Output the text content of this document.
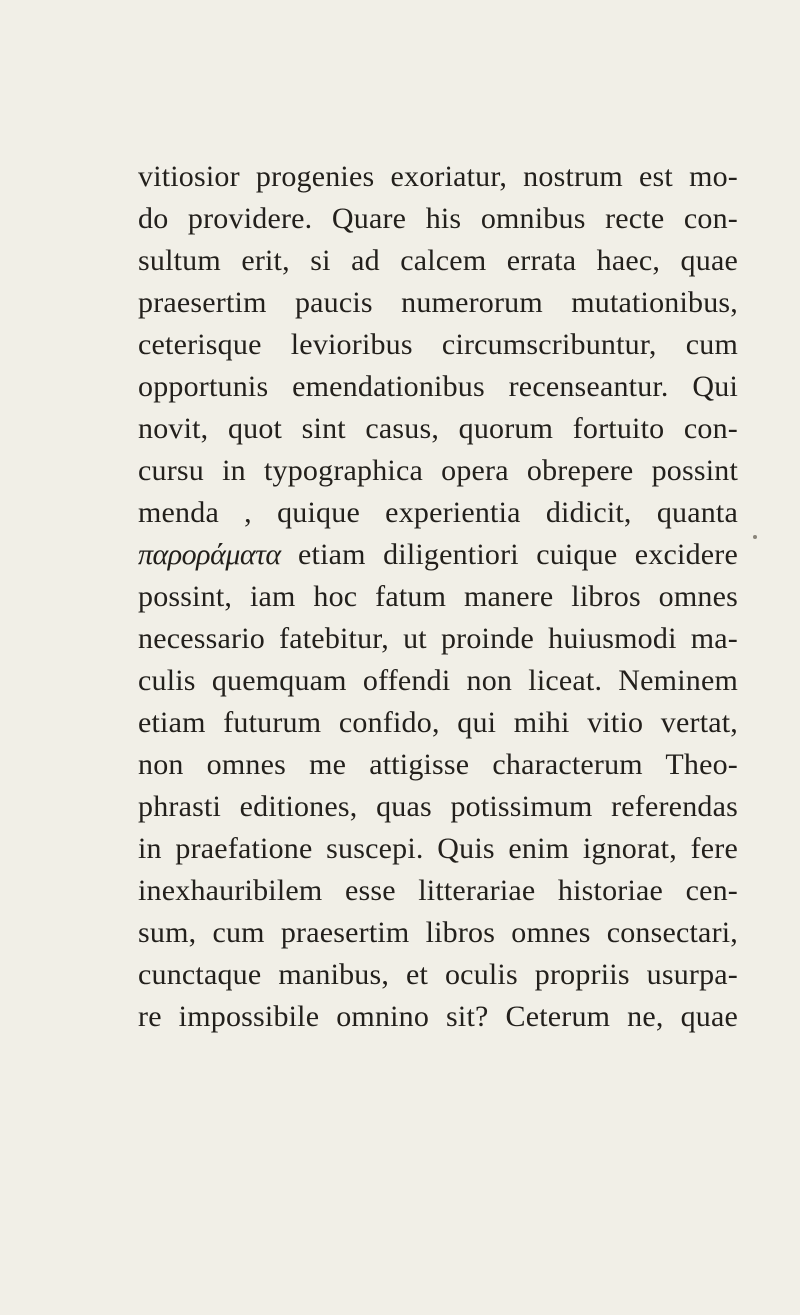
vitiosior progenies exoriatur, nostrum est mo-
do providere. Quare his omnibus recte con-
sultum erit, si ad calcem errata haec, quae
praesertim paucis numerorum mutationibus,
ceterisque levioribus circumscribuntur, cum
opportunis emendationibus recenseantur. Qui
novit, quot sint casus, quorum fortuito con-
cursu in typographica opera obrepere possint
menda , quique experientia didicit, quanta
παροράματα etiam diligentiori cuique excidere
possint, iam hoc fatum manere libros omnes
necessario fatebitur, ut proinde huiusmodi ma-
culis quemquam offendi non liceat. Neminem
etiam futurum confido, qui mihi vitio vertat,
non omnes me attigisse characterum Theo-
phrasti editiones, quas potissimum referendas
in praefatione suscepi. Quis enim ignorat, fere
inexhauribilem esse litterariae historiae cen-
sum, cum praesertim libros omnes consectari,
cunctaque manibus, et oculis propriis usurpa-
re impossibile omnino sit? Ceterum ne, quae
